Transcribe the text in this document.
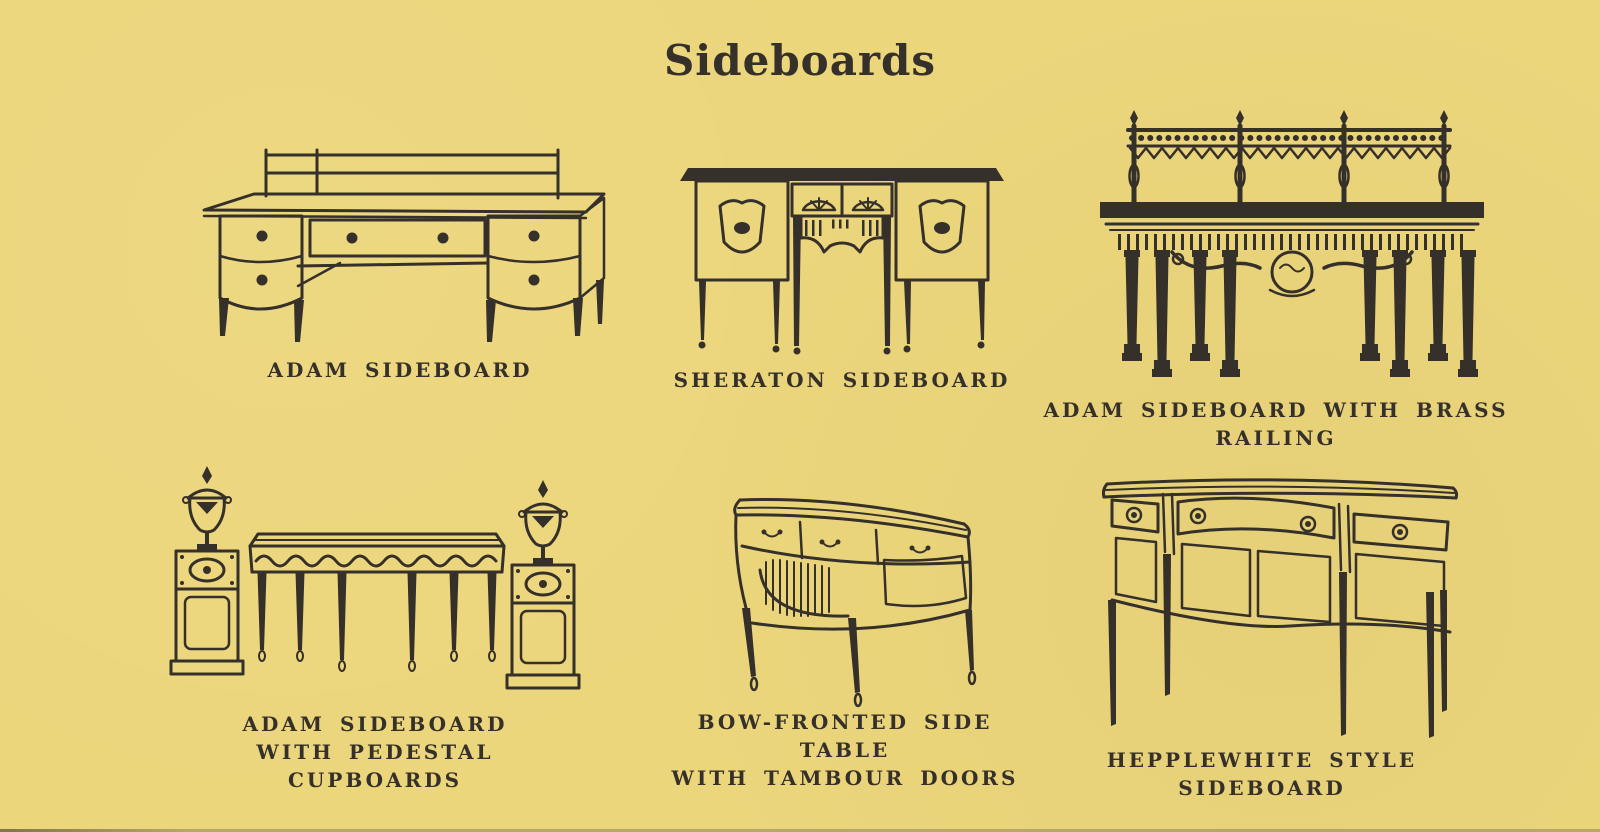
Sideboards
ADAM SIDEBOARD	SHERATON SIDEBOARD
ADAM SIDEBOARD WITH BRASS RAILING
ADAM SIDEBOARD
WITH PEDESTAL CUPBOARDS
BOW-FRONTED SIDE TABLE
WITH TAMBOUR DOORS
HEPPLEWHITE STYLE SIDEBOARD
